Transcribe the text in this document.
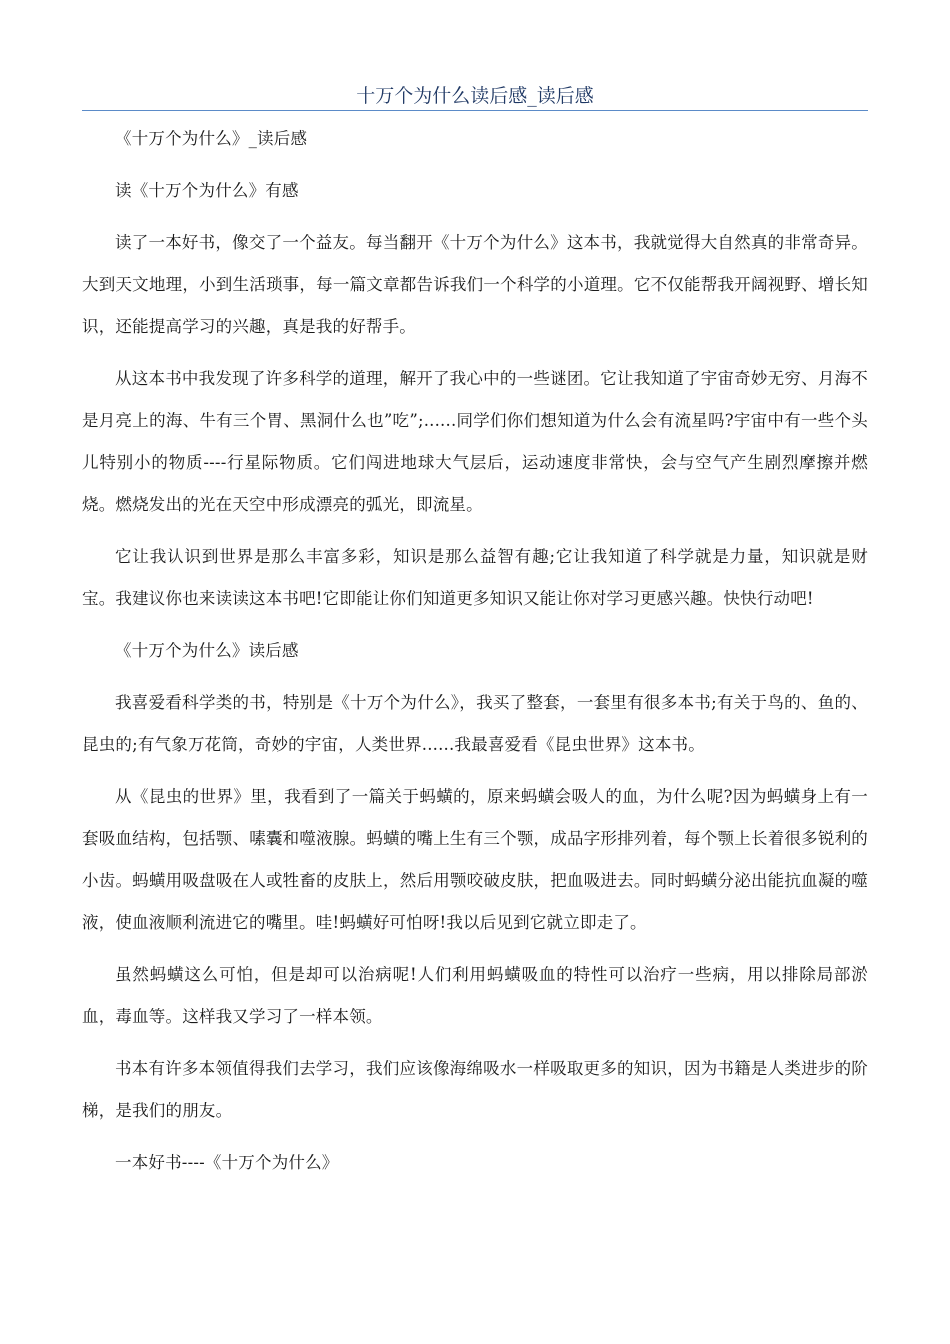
十万个为什么读后感_读后感

《十万个为什么》_读后感

读《十万个为什么》有感

读了一本好书，像交了一个益友。每当翻开《十万个为什么》这本书，我就觉得大自然真的非常奇异。大到天文地理，小到生活琐事，每一篇文章都告诉我们一个科学的小道理。它不仅能帮我开阔视野、增长知识，还能提高学习的兴趣，真是我的好帮手。

从这本书中我发现了许多科学的道理，解开了我心中的一些谜团。它让我知道了宇宙奇妙无穷、月海不是月亮上的海、牛有三个胃、黑洞什么也”吃”;......同学们你们想知道为什么会有流星吗?宇宙中有一些个头儿特别小的物质----行星际物质。它们闯进地球大气层后，运动速度非常快，会与空气产生剧烈摩擦并燃烧。燃烧发出的光在天空中形成漂亮的弧光，即流星。

它让我认识到世界是那么丰富多彩，知识是那么益智有趣;它让我知道了科学就是力量，知识就是财宝。我建议你也来读读这本书吧!它即能让你们知道更多知识又能让你对学习更感兴趣。快快行动吧!

《十万个为什么》读后感

我喜爱看科学类的书，特别是《十万个为什么》，我买了整套，一套里有很多本书;有关于鸟的、鱼的、昆虫的;有气象万花筒，奇妙的宇宙，人类世界......我最喜爱看《昆虫世界》这本书。

从《昆虫的世界》里，我看到了一篇关于蚂蟥的，原来蚂蟥会吸人的血，为什么呢?因为蚂蟥身上有一套吸血结构，包括颚、嗉囊和噬液腺。蚂蟥的嘴上生有三个颚，成品字形排列着，每个颚上长着很多锐利的小齿。蚂蟥用吸盘吸在人或牲畜的皮肤上，然后用颚咬破皮肤，把血吸进去。同时蚂蟥分泌出能抗血凝的噬液，使血液顺利流进它的嘴里。哇!蚂蟥好可怕呀!我以后见到它就立即走了。

虽然蚂蟥这么可怕，但是却可以治病呢!人们利用蚂蟥吸血的特性可以治疗一些病，用以排除局部淤血，毒血等。这样我又学习了一样本领。

书本有许多本领值得我们去学习，我们应该像海绵吸水一样吸取更多的知识，因为书籍是人类进步的阶梯，是我们的朋友。

一本好书----《十万个为什么》
